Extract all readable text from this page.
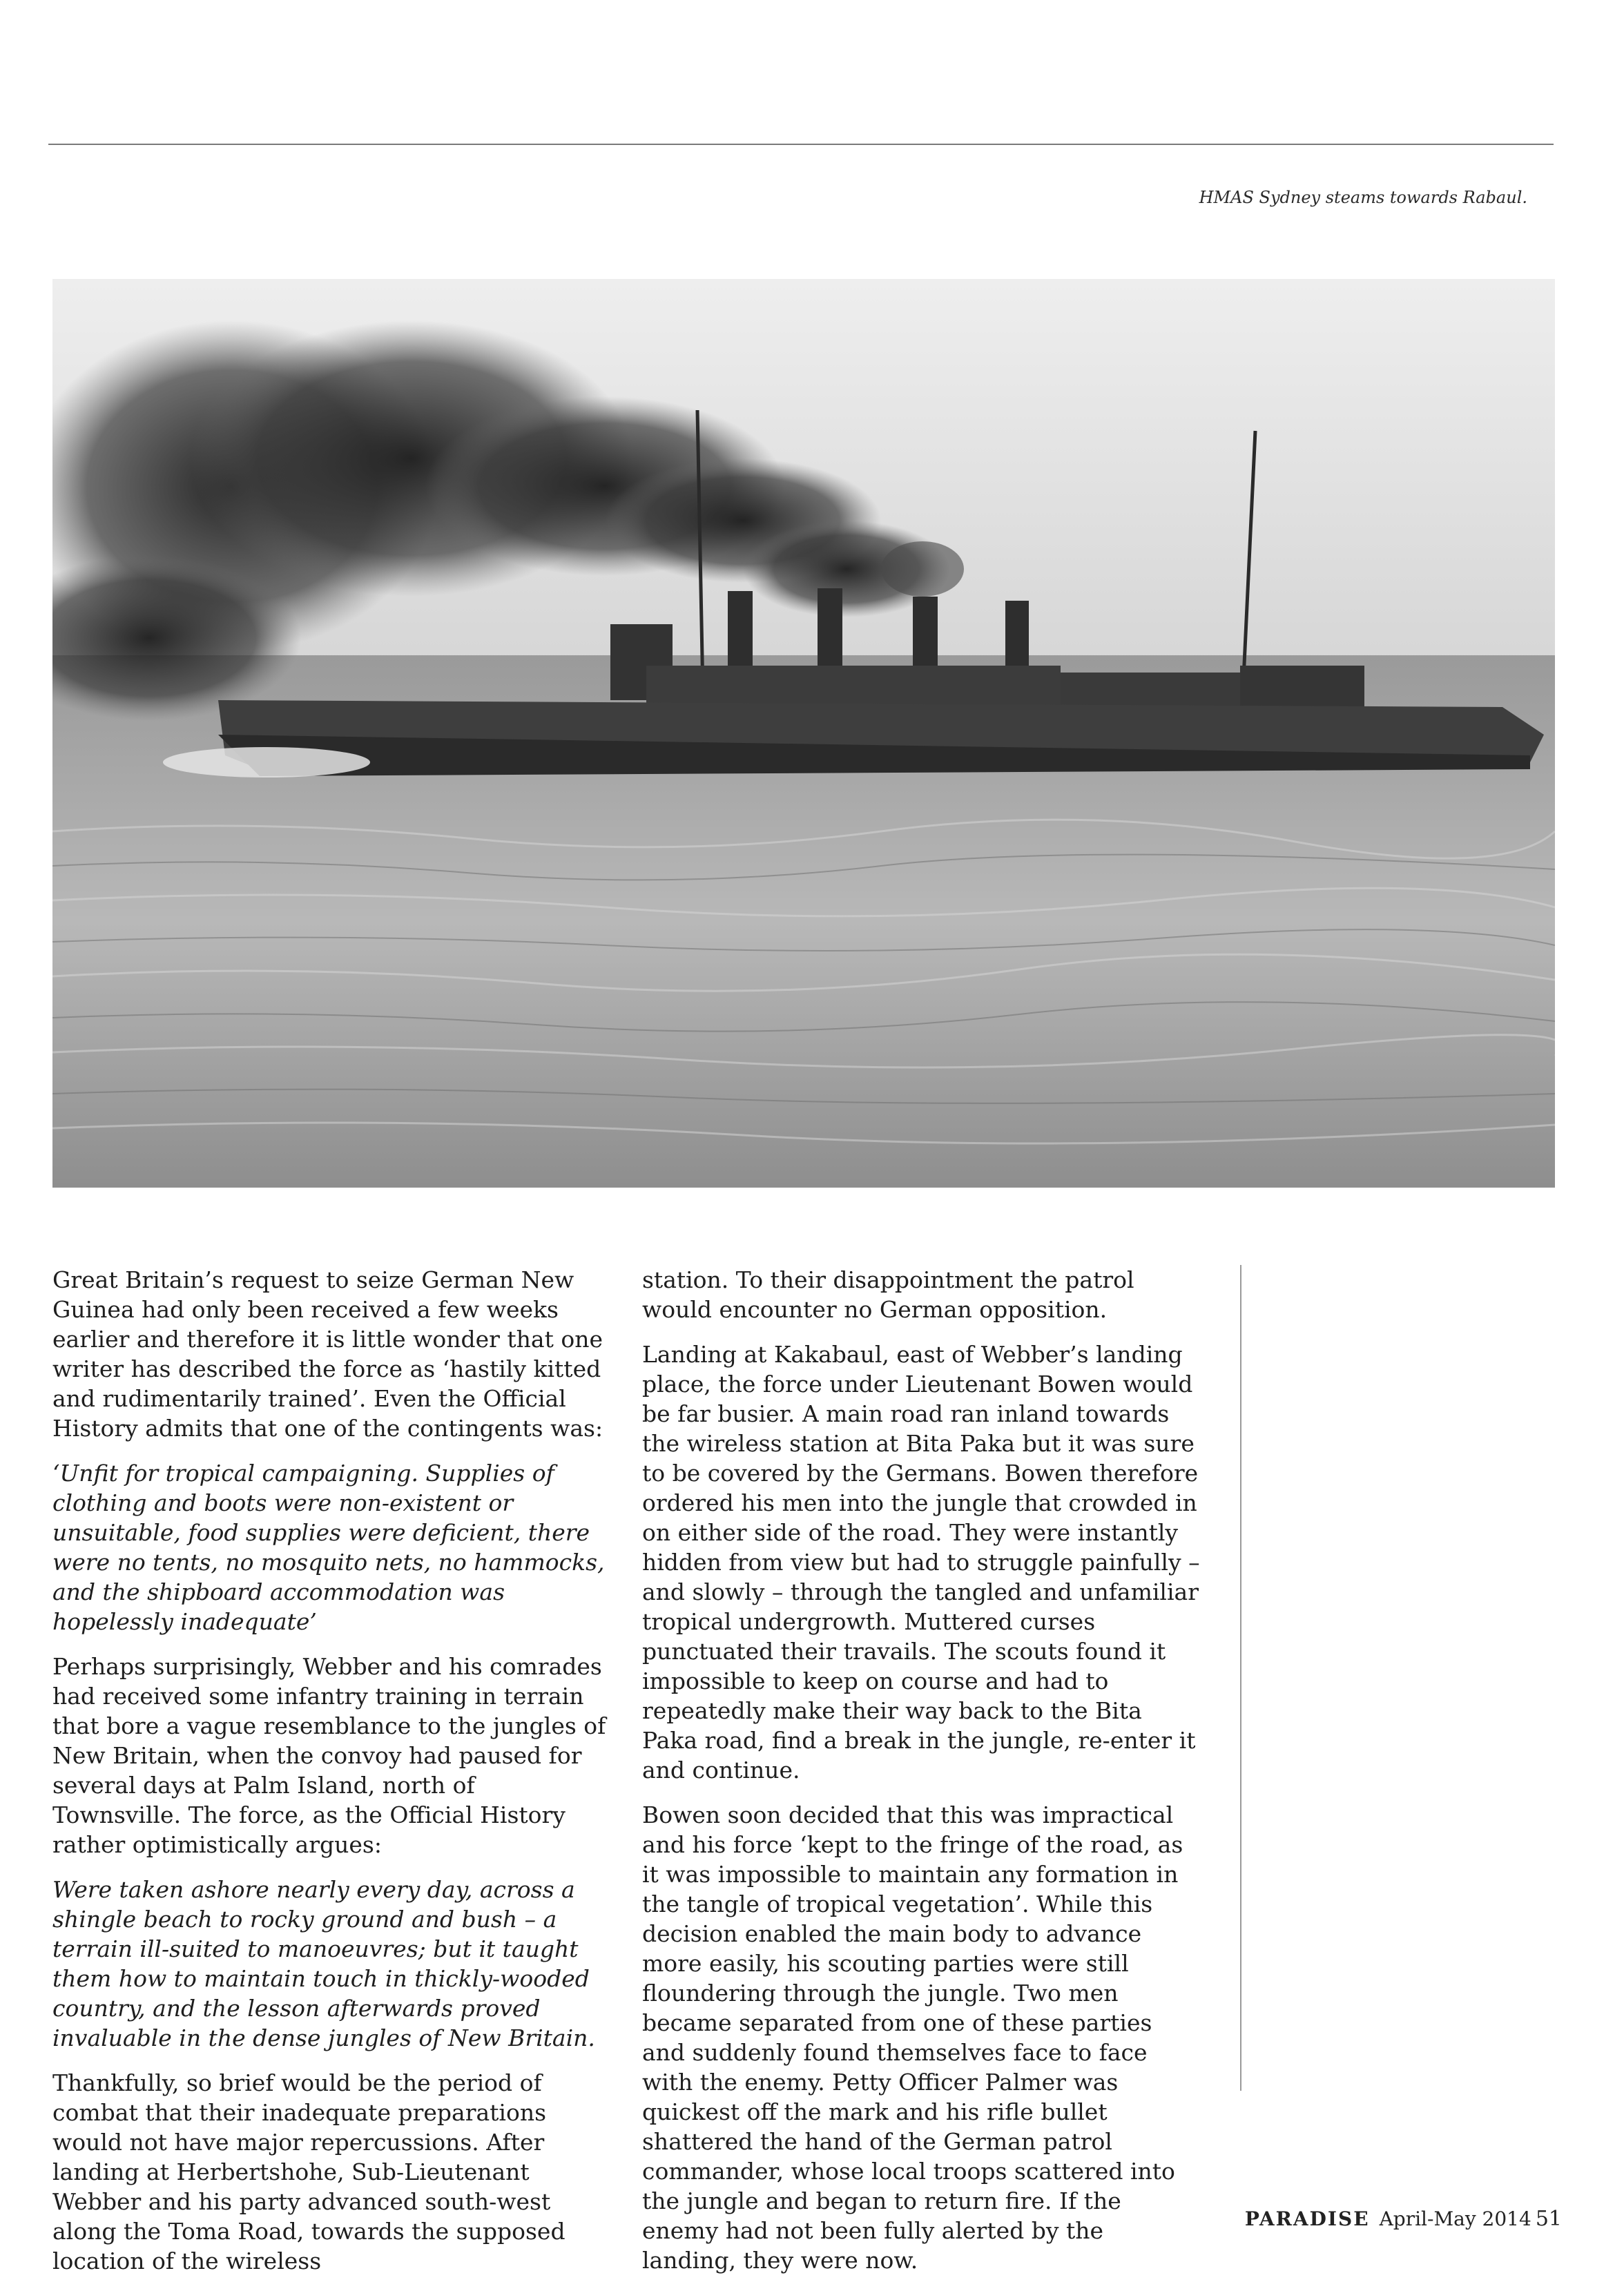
HMAS Sydney steams towards Rabaul.

Great Britain’s request to seize German New Guinea had only been received a few weeks earlier and therefore it is little wonder that one writer has described the force as ‘hastily kitted and rudimentarily trained’. Even the Official History admits that one of the contingents was:

‘Unfit for tropical campaigning. Supplies of clothing and boots were non-existent or unsuitable, food supplies were deficient, there were no tents, no mosquito nets, no hammocks, and the shipboard accommodation was hopelessly inadequate’

Perhaps surprisingly, Webber and his comrades had received some infantry training in terrain that bore a vague resemblance to the jungles of New Britain, when the convoy had paused for several days at Palm Island, north of Townsville. The force, as the Official History rather optimistically argues:

Were taken ashore nearly every day, across a shingle beach to rocky ground and bush – a terrain ill-suited to manoeuvres; but it taught them how to maintain touch in thickly-wooded country, and the lesson afterwards proved invaluable in the dense jungles of New Britain.

Thankfully, so brief would be the period of combat that their inadequate preparations would not have major repercussions. After landing at Herbertshohe, Sub-Lieutenant Webber and his party advanced south-west along the Toma Road, towards the supposed location of the wireless

station. To their disappointment the patrol would encounter no German opposition.

Landing at Kakabaul, east of Webber’s landing place, the force under Lieutenant Bowen would be far busier. A main road ran inland towards the wireless station at Bita Paka but it was sure to be covered by the Germans. Bowen therefore ordered his men into the jungle that crowded in on either side of the road. They were instantly hidden from view but had to struggle painfully – and slowly – through the tangled and unfamiliar tropical undergrowth. Muttered curses punctuated their travails. The scouts found it impossible to keep on course and had to repeatedly make their way back to the Bita Paka road, find a break in the jungle, re-enter it and continue.

Bowen soon decided that this was impractical and his force ‘kept to the fringe of the road, as it was impossible to maintain any formation in the tangle of tropical vegetation’. While this decision enabled the main body to advance more easily, his scouting parties were still floundering through the jungle. Two men became separated from one of these parties and suddenly found themselves face to face with the enemy. Petty Officer Palmer was quickest off the mark and his rifle bullet shattered the hand of the German patrol commander, whose local troops scattered into the jungle and began to return fire. If the enemy had not been fully alerted by the landing, they were now.

PARADISE April-May 2014 51
